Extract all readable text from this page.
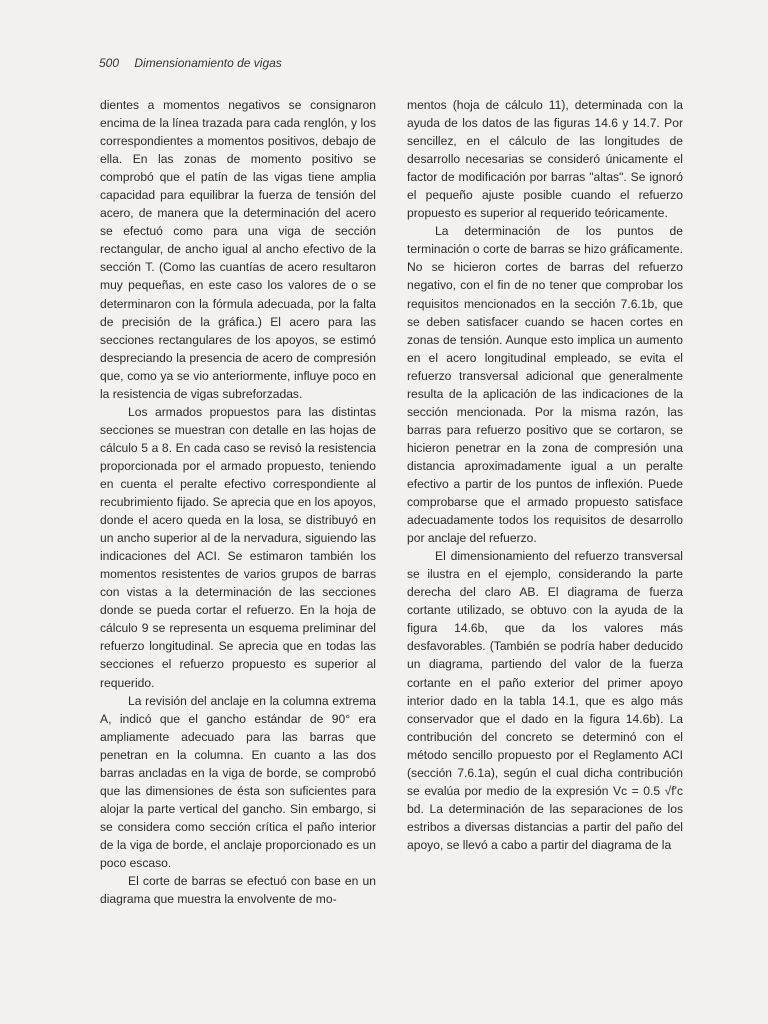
500 Dimensionamiento de vigas

dientes a momentos negativos se consignaron encima de la línea trazada para cada renglón, y los correspondientes a momentos positivos, debajo de ella. En las zonas de momento positivo se comprobó que el patín de las vigas tiene amplia capacidad para equilibrar la fuerza de tensión del acero, de manera que la determinación del acero se efectuó como para una viga de sección rectangular, de ancho igual al ancho efectivo de la sección T. (Como las cuantías de acero resultaron muy pequeñas, en este caso los valores de o se determinaron con la fórmula adecuada, por la falta de precisión de la gráfica.) El acero para las secciones rectangulares de los apoyos, se estimó despreciando la presencia de acero de compresión que, como ya se vio anteriormente, influye poco en la resistencia de vigas subreforzadas.

Los armados propuestos para las distintas secciones se muestran con detalle en las hojas de cálculo 5 a 8. En cada caso se revisó la resistencia proporcionada por el armado propuesto, teniendo en cuenta el peralte efectivo correspondiente al recubrimiento fijado. Se aprecia que en los apoyos, donde el acero queda en la losa, se distribuyó en un ancho superior al de la nervadura, siguiendo las indicaciones del ACI. Se estimaron también los momentos resistentes de varios grupos de barras con vistas a la determinación de las secciones donde se pueda cortar el refuerzo. En la hoja de cálculo 9 se representa un esquema preliminar del refuerzo longitudinal. Se aprecia que en todas las secciones el refuerzo propuesto es superior al requerido.

La revisión del anclaje en la columna extrema A, indicó que el gancho estándar de 90° era ampliamente adecuado para las barras que penetran en la columna. En cuanto a las dos barras ancladas en la viga de borde, se comprobó que las dimensiones de ésta son suficientes para alojar la parte vertical del gancho. Sin embargo, si se considera como sección crítica el paño interior de la viga de borde, el anclaje proporcionado es un poco escaso.

El corte de barras se efectuó con base en un diagrama que muestra la envolvente de mo-

mentos (hoja de cálculo 11), determinada con la ayuda de los datos de las figuras 14.6 y 14.7. Por sencillez, en el cálculo de las longitudes de desarrollo necesarias se consideró únicamente el factor de modificación por barras "altas". Se ignoró el pequeño ajuste posible cuando el refuerzo propuesto es superior al requerido teóricamente.

La determinación de los puntos de terminación o corte de barras se hizo gráficamente. No se hicieron cortes de barras del refuerzo negativo, con el fin de no tener que comprobar los requisitos mencionados en la sección 7.6.1b, que se deben satisfacer cuando se hacen cortes en zonas de tensión. Aunque esto implica un aumento en el acero longitudinal empleado, se evita el refuerzo transversal adicional que generalmente resulta de la aplicación de las indicaciones de la sección mencionada. Por la misma razón, las barras para refuerzo positivo que se cortaron, se hicieron penetrar en la zona de compresión una distancia aproximadamente igual a un peralte efectivo a partir de los puntos de inflexión. Puede comprobarse que el armado propuesto satisface adecuadamente todos los requisitos de desarrollo por anclaje del refuerzo.

El dimensionamiento del refuerzo transversal se ilustra en el ejemplo, considerando la parte derecha del claro AB. El diagrama de fuerza cortante utilizado, se obtuvo con la ayuda de la figura 14.6b, que da los valores más desfavorables. (También se podría haber deducido un diagrama, partiendo del valor de la fuerza cortante en el paño exterior del primer apoyo interior dado en la tabla 14.1, que es algo más conservador que el dado en la figura 14.6b). La contribución del concreto se determinó con el método sencillo propuesto por el Reglamento ACI (sección 7.6.1a), según el cual dicha contribución se evalúa por medio de la expresión Vc = 0.5 √f'c bd. La determinación de las separaciones de los estribos a diversas distancias a partir del paño del apoyo, se llevó a cabo a partir del diagrama de la
